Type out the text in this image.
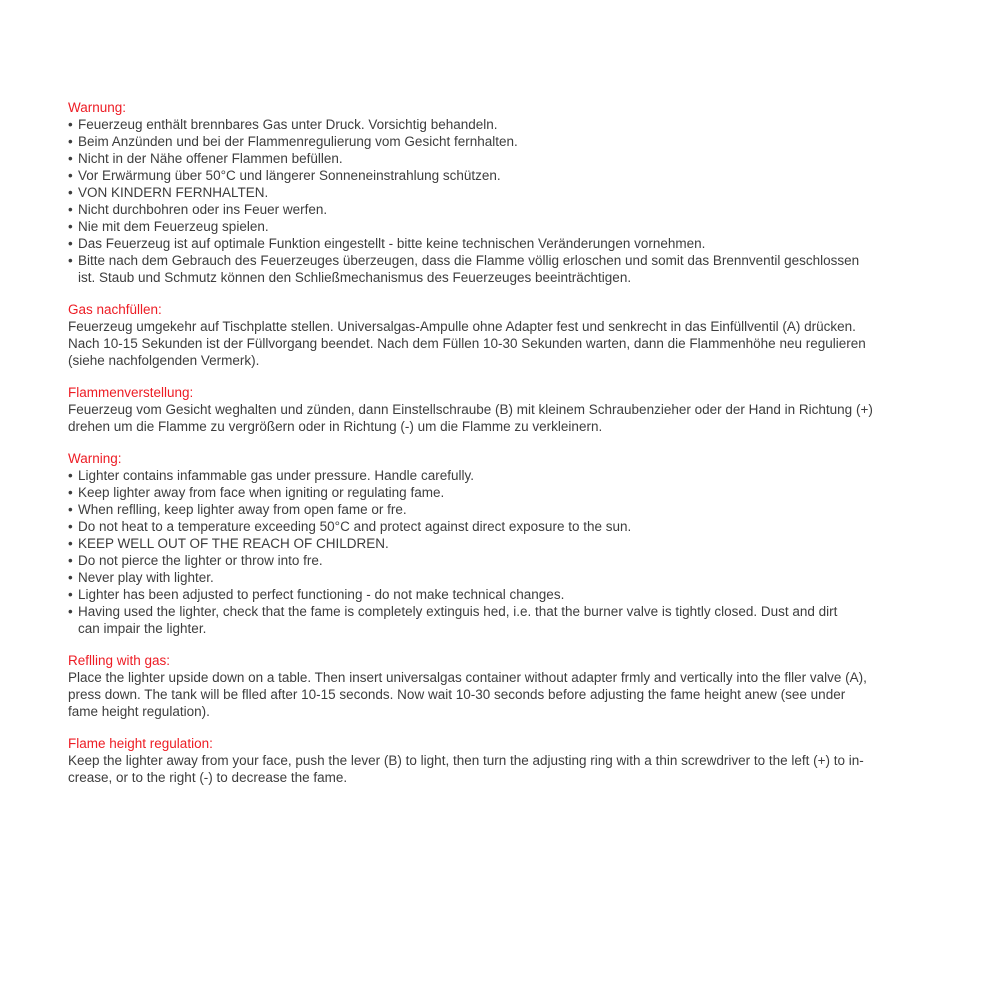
Warnung:
• Feuerzeug enthält brennbares Gas unter Druck. Vorsichtig behandeln.
• Beim Anzünden und bei der Flammenregulierung vom Gesicht fernhalten.
• Nicht in der Nähe offener Flammen befüllen.
• Vor Erwärmung über 50°C und längerer Sonneneinstrahlung schützen.
• VON KINDERN FERNHALTEN.
• Nicht durchbohren oder ins Feuer werfen.
• Nie mit dem Feuerzeug spielen.
• Das Feuerzeug ist auf optimale Funktion eingestellt - bitte keine technischen Veränderungen vornehmen.
• Bitte nach dem Gebrauch des Feuerzeuges überzeugen, dass die Flamme völlig erloschen und somit das Brennventil geschlossen
ist. Staub und Schmutz können den Schließmechanismus des Feuerzeuges beeinträchtigen.
Gas nachfüllen:
Feuerzeug umgekehr auf Tischplatte stellen. Universalgas-Ampulle ohne Adapter fest und senkrecht in das Einfüllventil (A) drücken.
Nach 10-15 Sekunden ist der Füllvorgang beendet. Nach dem Füllen 10-30 Sekunden warten, dann die Flammenhöhe neu regulieren
(siehe nachfolgenden Vermerk).
Flammenverstellung:
Feuerzeug vom Gesicht weghalten und zünden, dann Einstellschraube (B) mit kleinem Schraubenzieher oder der Hand in Richtung (+)
drehen um die Flamme zu vergrößern oder in Richtung (-) um die Flamme zu verkleinern.
Warning:
• Lighter contains infammable gas under pressure. Handle carefully.
• Keep lighter away from face when igniting or regulating fame.
• When reflling, keep lighter away from open fame or fre.
• Do not heat to a temperature exceeding 50°C and protect against direct exposure to the sun.
• KEEP WELL OUT OF THE REACH OF CHILDREN.
• Do not pierce the lighter or throw into fre.
• Never play with lighter.
• Lighter has been adjusted to perfect functioning - do not make technical changes.
• Having used the lighter, check that the fame is completely extinguis hed, i.e. that the burner valve is tightly closed. Dust and dirt
can impair the lighter.
Reflling with gas:
Place the lighter upside down on a table. Then insert universalgas container without adapter frmly and vertically into the fller valve (A),
press down. The tank will be flled after 10-15 seconds. Now wait 10-30 seconds before adjusting the fame height anew (see under
fame height regulation).
Flame height regulation:
Keep the lighter away from your face, push the lever (B) to light, then turn the adjusting ring with a thin screwdriver to the left (+) to in-
crease, or to the right (-) to decrease the fame.
